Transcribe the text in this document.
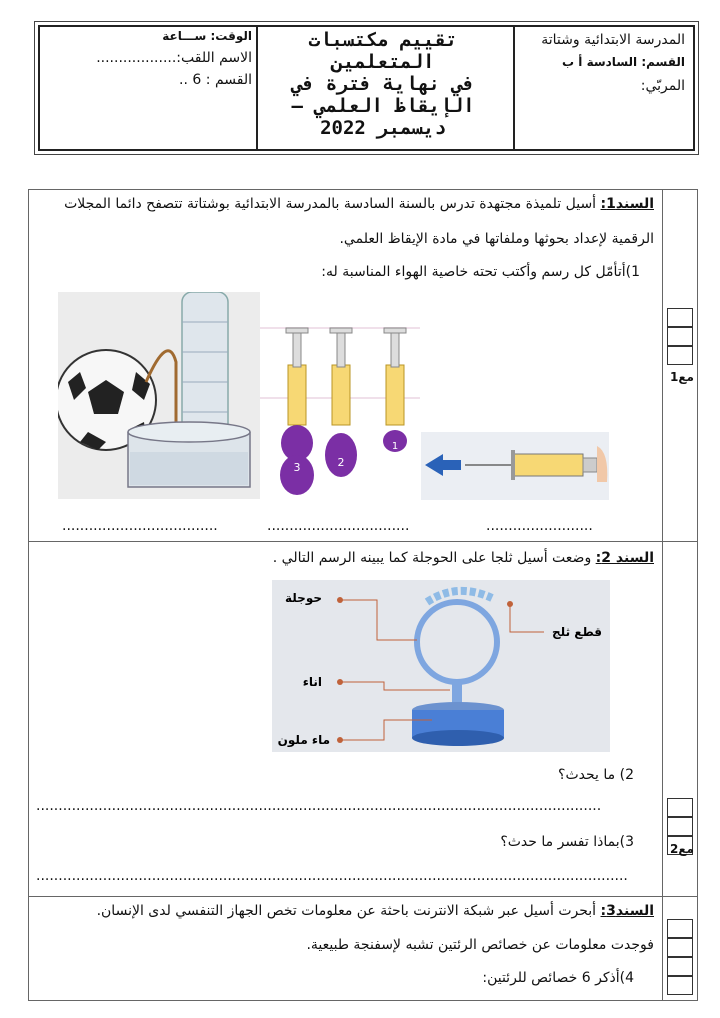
المدرسة الابتدائية وشتاتة
القسم: السادسة أ ب
المربّي:
تقييم مكتسبات
المتعلمين
في نهاية فترة في
الإيقاظ العلمي –
ديسمبر 2022
الوقت: ســـاعة
الاسم اللقب:..................
القسم : 6 ..
مع1
مع2
السند1: أسيل تلميذة مجتهدة تدرس بالسنة السادسة بالمدرسة الابتدائية بوشتاتة تتصفح دائما المجلات
الرقمية لإعداد بحوثها وملفاتها في مادة الإيقاظ العلمي.
1)أتأمّل كل رسم وأكتب تحته خاصية الهواء المناسبة له:
3	2
1
........................
................................
...................................
السند 2: وضعت أسيل ثلجا على الحوجلة كما يبينه الرسم التالي .
حوجلة
قطع ثلج
اناء
ماء ملون
2) ما يحدث؟
...............................................................................................................................
3)بماذا تفسر ما حدث؟
.....................................................................................................................................
السند3: أبحرت أسيل عبر شبكة الانترنت باحثة عن معلومات تخص الجهاز التنفسي لدى الإنسان.
فوجدت معلومات عن خصائص الرئتين تشبه لإسفنجة طبيعية.
4)أذكر 6 خصائص للرئتين:
